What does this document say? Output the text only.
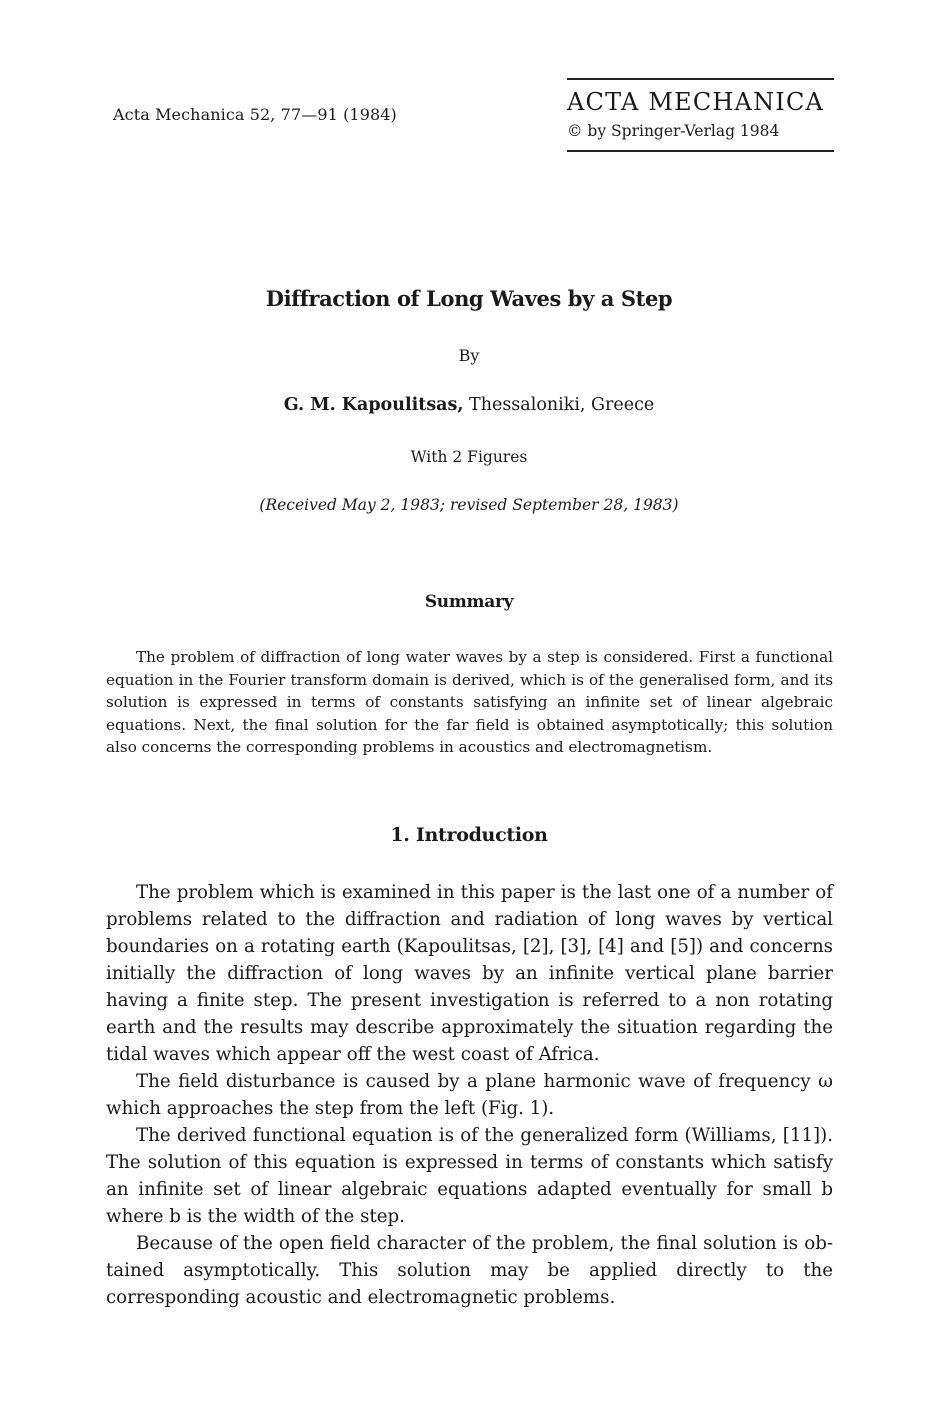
Acta Mechanica 52, 77—91 (1984)	ACTA MECHANICA
© by Springer-Verlag 1984
Diffraction of Long Waves by a Step
By
G. M. Kapoulitsas, Thessaloniki, Greece
With 2 Figures
(Received May 2, 1983; revised September 28, 1983)
Summary
The problem of diffraction of long water waves by a step is considered. First a functional equation in the Fourier transform domain is derived, which is of the generalised form, and its solution is expressed in terms of constants satisfying an infinite set of linear algebraic equations. Next, the final solution for the far field is obtained asymptotically; this solution also concerns the corresponding problems in acoustics and electromagnetism.
1. Introduction

The problem which is examined in this paper is the last one of a number of problems related to the diffraction and radiation of long waves by vertical boundaries on a rotating earth (Kapoulitsas, [2], [3], [4] and [5]) and concerns initially the diffraction of long waves by an infinite vertical plane barrier having a finite step. The present investigation is referred to a non rotating earth and the results may describe approximately the situation regarding the tidal waves which appear off the west coast of Africa.

The field disturbance is caused by a plane harmonic wave of frequency ω which approaches the step from the left (Fig. 1).

The derived functional equation is of the generalized form (Williams, [11]). The solution of this equation is expressed in terms of constants which satisfy an infinite set of linear algebraic equations adapted eventually for small b where b is the width of the step.

Because of the open field character of the problem, the final solution is obtained asymptotically. This solution may be applied directly to the corresponding acoustic and electromagnetic problems.
